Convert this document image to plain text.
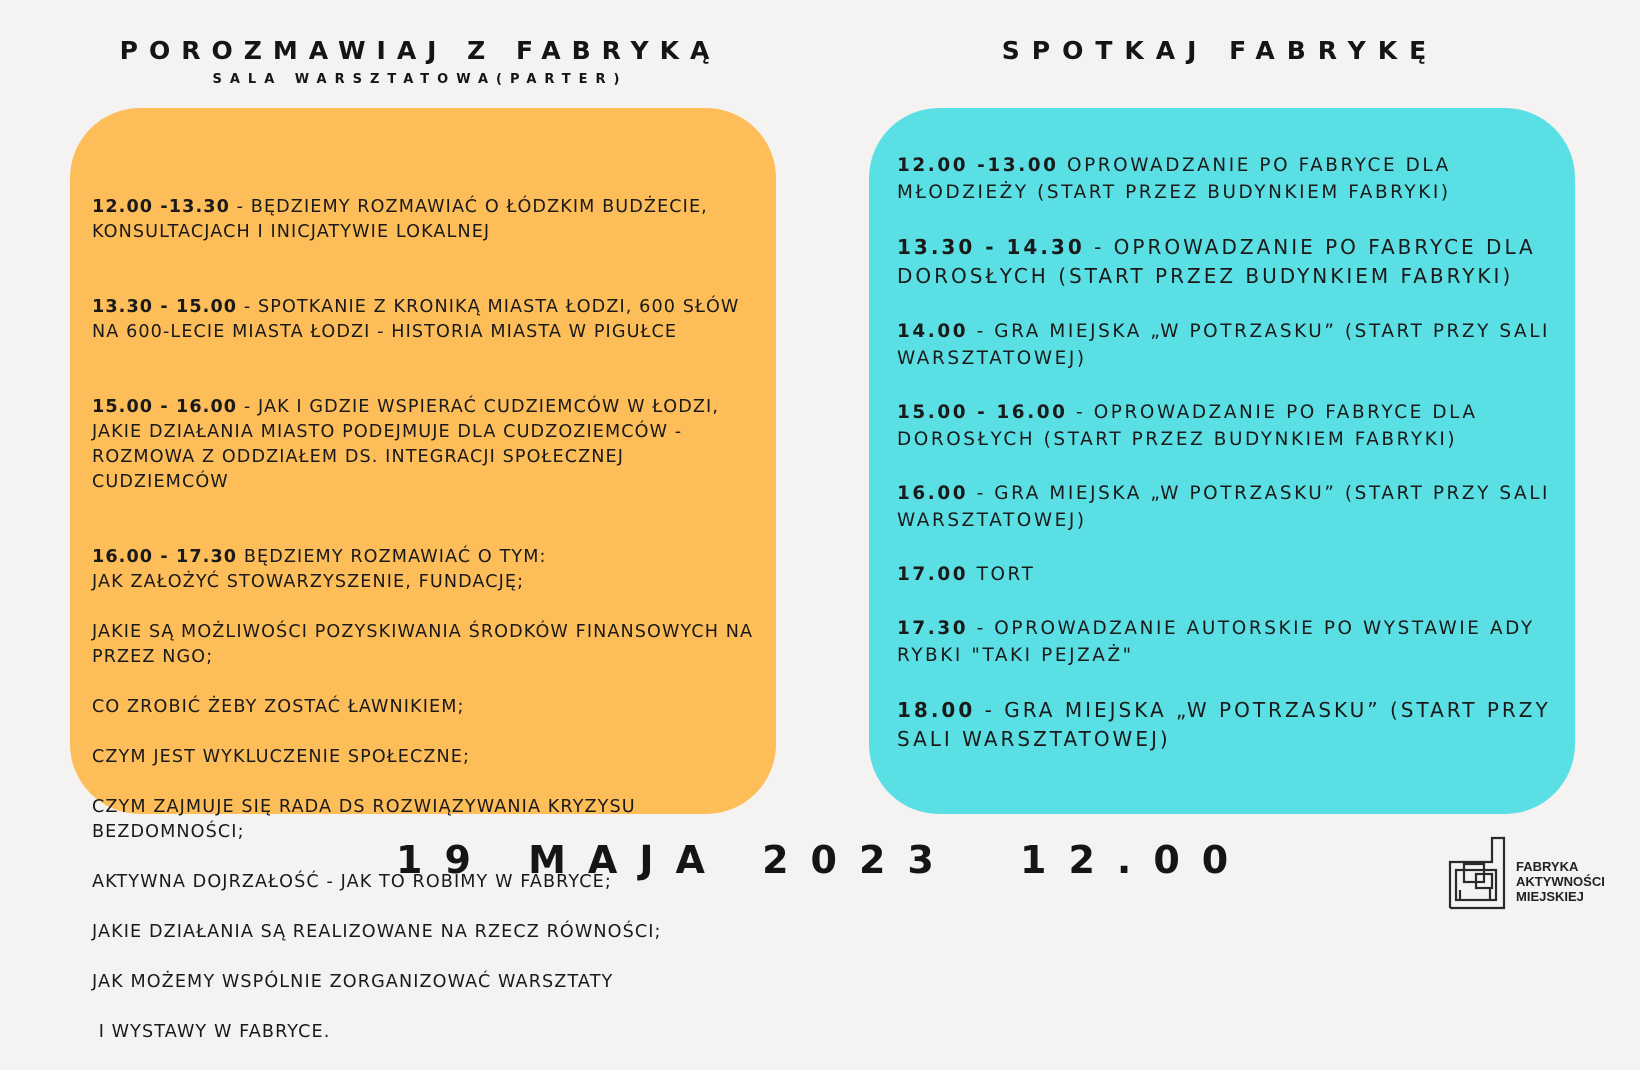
POROZMAWIAJ Z FABRYKĄ
SALA WARSZTATOWA(PARTER)
SPOTKAJ FABRYKĘ

12.00 -13.30 - BĘDZIEMY ROZMAWIAĆ O ŁÓDZKIM BUDŻECIE, KONSULTACJACH I INICJATYWIE LOKALNEJ

13.30 - 15.00 - SPOTKANIE Z KRONIKĄ MIASTA ŁODZI, 600 SŁÓW NA 600-LECIE MIASTA ŁODZI - HISTORIA MIASTA W PIGUŁCE

15.00 - 16.00 - JAK I GDZIE WSPIERAĆ CUDZIEMCÓW W ŁODZI, JAKIE DZIAŁANIA MIASTO PODEJMUJE DLA CUDZOZIEMCÓW - ROZMOWA Z ODDZIAŁEM DS. INTEGRACJI SPOŁECZNEJ CUDZIEMCÓW

16.00 - 17.30 BĘDZIEMY ROZMAWIAĆ O TYM:

JAK ZAŁOŻYĆ STOWARZYSZENIE, FUNDACJĘ;

JAKIE SĄ MOŻLIWOŚCI POZYSKIWANIA ŚRODKÓW FINANSOWYCH NA PRZEZ NGO;

CO ZROBIĆ ŻEBY ZOSTAĆ ŁAWNIKIEM;

CZYM JEST WYKLUCZENIE SPOŁECZNE;

CZYM ZAJMUJE SIĘ RADA DS ROZWIĄZYWANIA KRYZYSU BEZDOMNOŚCI;

AKTYWNA DOJRZAŁOŚĆ - JAK TO ROBIMY W FABRYCE;

JAKIE DZIAŁANIA SĄ REALIZOWANE NA RZECZ RÓWNOŚCI;

JAK MOŻEMY WSPÓLNIE ZORGANIZOWAĆ WARSZTATY

I WYSTAWY W FABRYCE.

12.00 -13.00 OPROWADZANIE PO FABRYCE DLA MŁODZIEŻY (START PRZEZ BUDYNKIEM FABRYKI)
13.30 - 14.30 - OPROWADZANIE PO FABRYCE DLA DOROSŁYCH (START PRZEZ BUDYNKIEM FABRYKI)
14.00 - GRA MIEJSKA „W POTRZASKU” (START PRZY SALI WARSZTATOWEJ)
15.00 - 16.00 - OPROWADZANIE PO FABRYCE DLA DOROSŁYCH (START PRZEZ BUDYNKIEM FABRYKI)
16.00 - GRA MIEJSKA „W POTRZASKU” (START PRZY SALI WARSZTATOWEJ)
17.00 TORT
17.30 - OPROWADZANIE AUTORSKIE PO WYSTAWIE ADY RYBKI "TAKI PEJZAŻ"
18.00 - GRA MIEJSKA „W POTRZASKU” (START PRZY SALI WARSZTATOWEJ)
19 MAJA 2023 12.00	FABRYKA
AKTYWNOŚCI
MIEJSKIEJ
